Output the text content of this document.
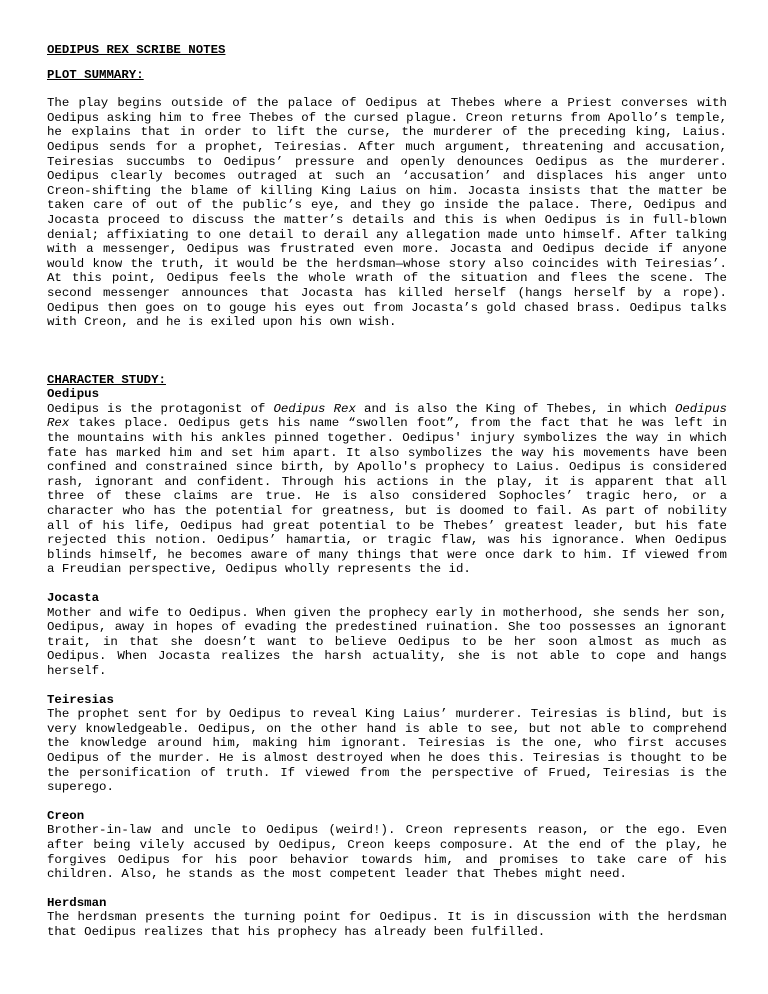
OEDIPUS REX SCRIBE NOTES
PLOT SUMMARY:

The play begins outside of the palace of Oedipus at Thebes where a Priest converses with Oedipus asking him to free Thebes of the cursed plague. Creon returns from Apollo’s temple, he explains that in order to lift the curse, the murderer of the preceding king, Laius. Oedipus sends for a prophet, Teiresias. After much argument, threatening and accusation, Teiresias succumbs to Oedipus’ pressure and openly denounces Oedipus as the murderer. Oedipus clearly becomes outraged at such an ‘accusation’ and displaces his anger unto Creon-shifting the blame of killing King Laius on him. Jocasta insists that the matter be taken care of out of the public’s eye, and they go inside the palace. There, Oedipus and Jocasta proceed to discuss the matter’s details and this is when Oedipus is in full-blown denial; affixiating to one detail to derail any allegation made unto himself. After talking with a messenger, Oedipus was frustrated even more. Jocasta and Oedipus decide if anyone would know the truth, it would be the herdsman—whose story also coincides with Teiresias’. At this point, Oedipus feels the whole wrath of the situation and flees the scene. The second messenger announces that Jocasta has killed herself (hangs herself by a rope). Oedipus then goes on to gouge his eyes out from Jocasta’s gold chased brass. Oedipus talks with Creon, and he is exiled upon his own wish.

CHARACTER STUDY:
Oedipus

Oedipus is the protagonist of Oedipus Rex and is also the King of Thebes, in which Oedipus Rex takes place. Oedipus gets his name “swollen foot”, from the fact that he was left in the mountains with his ankles pinned together. Oedipus' injury symbolizes the way in which fate has marked him and set him apart. It also symbolizes the way his movements have been confined and constrained since birth, by Apollo's prophecy to Laius. Oedipus is considered rash, ignorant and confident. Through his actions in the play, it is apparent that all three of these claims are true. He is also considered Sophocles’ tragic hero, or a character who has the potential for greatness, but is doomed to fail. As part of nobility all of his life, Oedipus had great potential to be Thebes’ greatest leader, but his fate rejected this notion. Oedipus’ hamartia, or tragic flaw, was his ignorance. When Oedipus blinds himself, he becomes aware of many things that were once dark to him. If viewed from a Freudian perspective, Oedipus wholly represents the id.

Jocasta

Mother and wife to Oedipus. When given the prophecy early in motherhood, she sends her son, Oedipus, away in hopes of evading the predestined ruination. She too possesses an ignorant trait, in that she doesn’t want to believe Oedipus to be her soon almost as much as Oedipus. When Jocasta realizes the harsh actuality, she is not able to cope and hangs herself.

Teiresias

The prophet sent for by Oedipus to reveal King Laius’ murderer. Teiresias is blind, but is very knowledgeable. Oedipus, on the other hand is able to see, but not able to comprehend the knowledge around him, making him ignorant. Teiresias is the one, who first accuses Oedipus of the murder. He is almost destroyed when he does this. Teiresias is thought to be the personification of truth. If viewed from the perspective of Frued, Teiresias is the superego.

Creon

Brother-in-law and uncle to Oedipus (weird!). Creon represents reason, or the ego. Even after being vilely accused by Oedipus, Creon keeps composure. At the end of the play, he forgives Oedipus for his poor behavior towards him, and promises to take care of his children. Also, he stands as the most competent leader that Thebes might need.

Herdsman

The herdsman presents the turning point for Oedipus. It is in discussion with the herdsman that Oedipus realizes that his prophecy has already been fulfilled.
